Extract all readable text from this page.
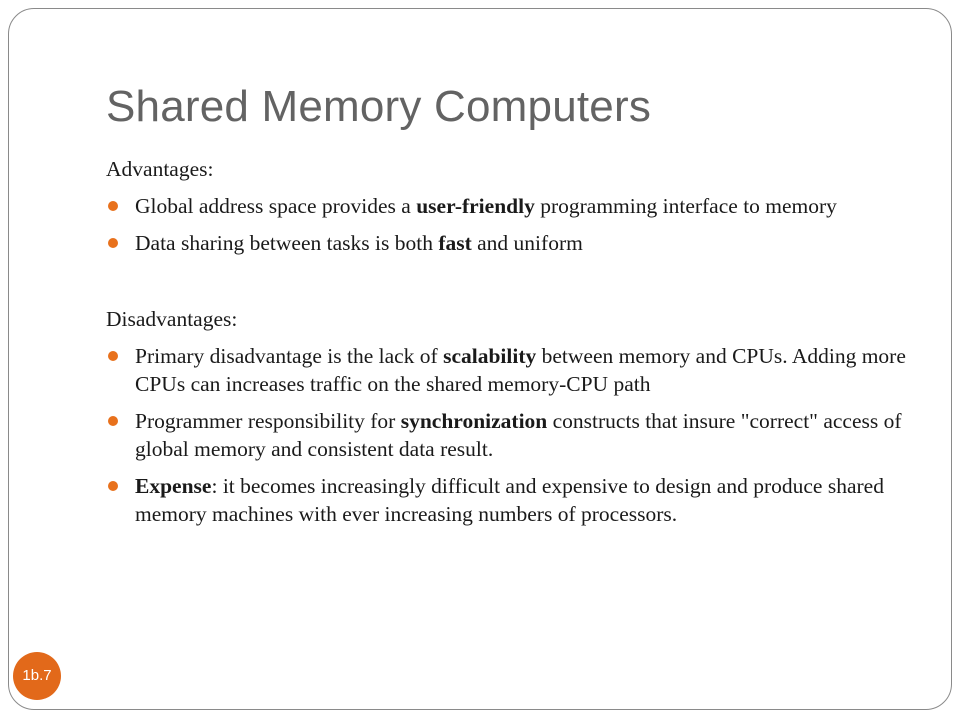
Shared Memory Computers

Advantages:

Global address space provides a user-friendly programming interface to memory
Data sharing between tasks is both fast and uniform

Disadvantages:

Primary disadvantage is the lack of scalability between memory and CPUs. Adding more CPUs can increases traffic on the shared memory-CPU path
Programmer responsibility for synchronization constructs that insure "correct" access of global memory and consistent data result.
Expense: it becomes increasingly difficult and expensive to design and produce shared memory machines with ever increasing numbers of processors.
1b.7
